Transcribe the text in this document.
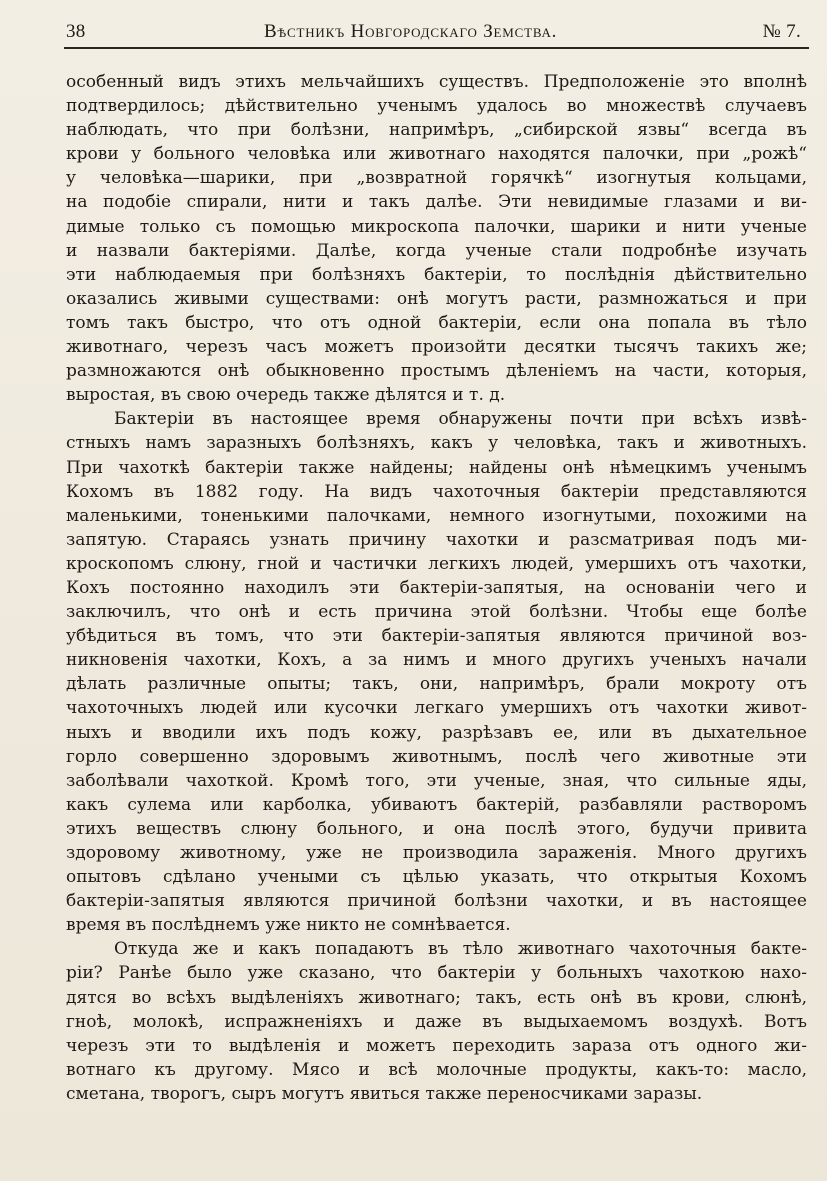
38	Вѣстникъ Новгородскаго Земства.	№ 7.
особенный видъ этихъ мельчайшихъ существъ. Предположеніе это вполнѣ
подтвердилось; дѣйствительно ученымъ удалось во множествѣ случаевъ
наблюдать, что при болѣзни, напримѣръ, „сибирской язвы“ всегда въ
крови у больного человѣка или животнаго находятся палочки, при „рожѣ“
у человѣка—шарики, при „возвратной горячкѣ“ изогнутыя кольцами,
на подобіе спирали, нити и такъ далѣе. Эти невидимые глазами и ви-
димые только съ помощью микроскопа палочки, шарики и нити ученые
и назвали бактеріями. Далѣе, когда ученые стали подробнѣе изучать
эти наблюдаемыя при болѣзняхъ бактеріи, то послѣднія дѣйствительно
оказались живыми существами: онѣ могутъ расти, размножаться и при
томъ такъ быстро, что отъ одной бактеріи, если она попала въ тѣло
животнаго, черезъ часъ можетъ произойти десятки тысячъ такихъ же;
размножаются онѣ обыкновенно простымъ дѣленіемъ на части, которыя,
выростая, въ свою очередь также дѣлятся и т. д.
Бактеріи въ настоящее время обнаружены почти при всѣхъ извѣ-
стныхъ намъ заразныхъ болѣзняхъ, какъ у человѣка, такъ и животныхъ.
При чахоткѣ бактеріи также найдены; найдены онѣ нѣмецкимъ ученымъ
Кохомъ въ 1882 году. На видъ чахоточныя бактеріи представляются
маленькими, тоненькими палочками, немного изогнутыми, похожими на
запятую. Стараясь узнать причину чахотки и разсматривая подъ ми-
кроскопомъ слюну, гной и частички легкихъ людей, умершихъ отъ чахотки,
Кохъ постоянно находилъ эти бактеріи-запятыя, на основаніи чего и
заключилъ, что онѣ и есть причина этой болѣзни. Чтобы еще болѣе
убѣдиться въ томъ, что эти бактеріи-запятыя являются причиной воз-
никновенія чахотки, Кохъ, а за нимъ и много другихъ ученыхъ начали
дѣлать различные опыты; такъ, они, напримѣръ, брали мокроту отъ
чахоточныхъ людей или кусочки легкаго умершихъ отъ чахотки живот-
ныхъ и вводили ихъ подъ кожу, разрѣзавъ ее, или въ дыхательное
горло совершенно здоровымъ животнымъ, послѣ чего животные эти
заболѣвали чахоткой. Кромѣ того, эти ученые, зная, что сильные яды,
какъ сулема или карболка, убиваютъ бактерій, разбавляли растворомъ
этихъ веществъ слюну больного, и она послѣ этого, будучи привита
здоровому животному, уже не производила зараженія. Много другихъ
опытовъ сдѣлано учеными съ цѣлью указать, что открытыя Кохомъ
бактеріи-запятыя являются причиной болѣзни чахотки, и въ настоящее
время въ послѣднемъ уже никто не сомнѣвается.
Откуда же и какъ попадаютъ въ тѣло животнаго чахоточныя бакте-
ріи? Ранѣе было уже сказано, что бактеріи у больныхъ чахоткою нахо-
дятся во всѣхъ выдѣленіяхъ животнаго; такъ, есть онѣ въ крови, слюнѣ,
гноѣ, молокѣ, испражненіяхъ и даже въ выдыхаемомъ воздухѣ. Вотъ
черезъ эти то выдѣленія и можетъ переходить зараза отъ одного жи-
вотнаго къ другому. Мясо и всѣ молочные продукты, какъ-то: масло,
сметана, творогъ, сыръ могутъ явиться также переносчиками заразы.
